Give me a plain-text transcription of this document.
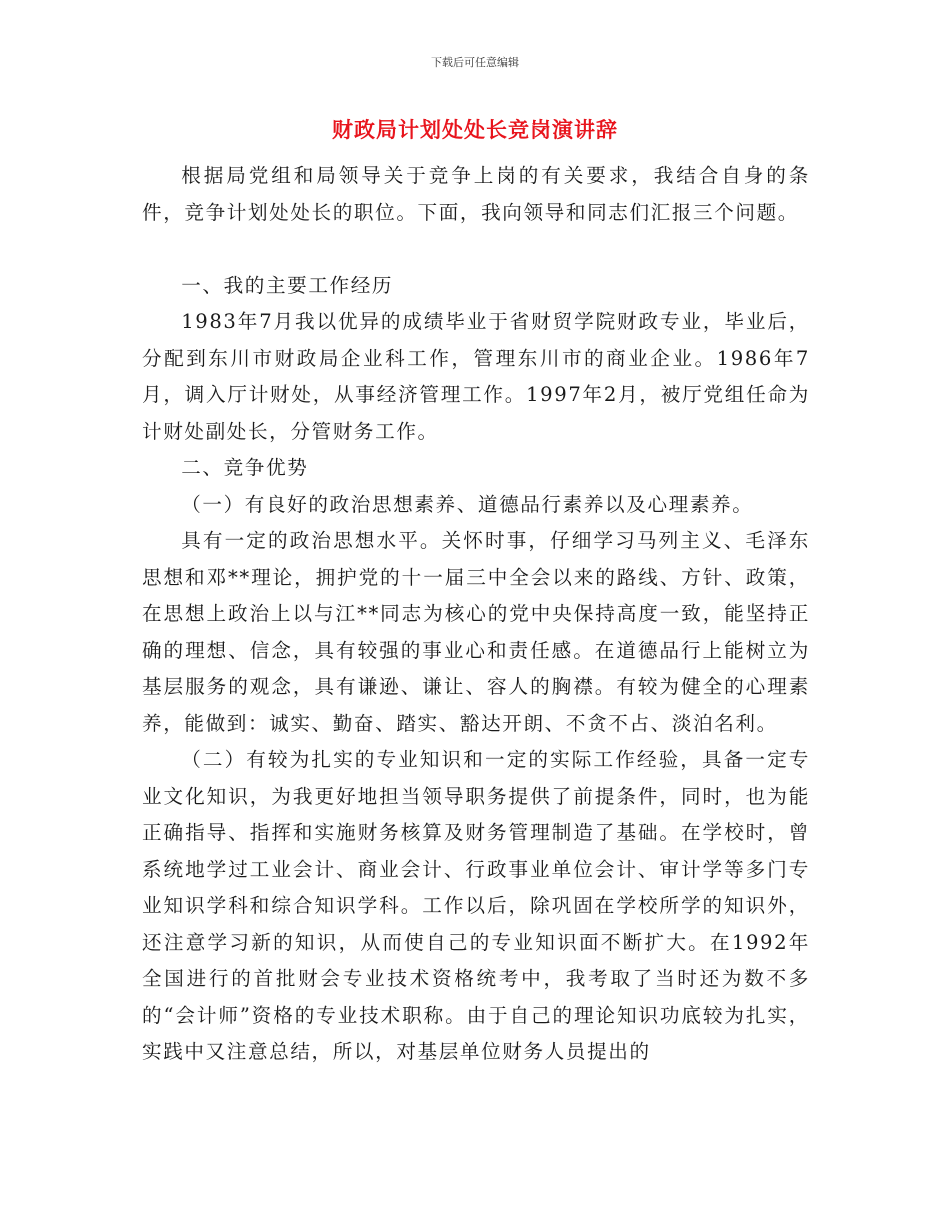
下载后可任意编辑
财政局计划处处长竞岗演讲辞

根据局党组和局领导关于竞争上岗的有关要求，我结合自身的条件，竞争计划处处长的职位。下面，我向领导和同志们汇报三个问题。

一、我的主要工作经历

1983年7月我以优异的成绩毕业于省财贸学院财政专业，毕业后，分配到东川市财政局企业科工作，管理东川市的商业企业。1986年7月，调入厅计财处，从事经济管理工作。1997年2月，被厅党组任命为计财处副处长，分管财务工作。

二、竞争优势

（一）有良好的政治思想素养、道德品行素养以及心理素养。

具有一定的政治思想水平。关怀时事，仔细学习马列主义、毛泽东思想和邓**理论，拥护党的十一届三中全会以来的路线、方针、政策，在思想上政治上以与江**同志为核心的党中央保持高度一致，能坚持正确的理想、信念，具有较强的事业心和责任感。在道德品行上能树立为基层服务的观念，具有谦逊、谦让、容人的胸襟。有较为健全的心理素养，能做到：诚实、勤奋、踏实、豁达开朗、不贪不占、淡泊名利。

（二）有较为扎实的专业知识和一定的实际工作经验，具备一定专业文化知识，为我更好地担当领导职务提供了前提条件，同时，也为能正确指导、指挥和实施财务核算及财务管理制造了基础。在学校时，曾系统地学过工业会计、商业会计、行政事业单位会计、审计学等多门专业知识学科和综合知识学科。工作以后，除巩固在学校所学的知识外，还注意学习新的知识，从而使自己的专业知识面不断扩大。在1992年全国进行的首批财会专业技术资格统考中，我考取了当时还为数不多的“会计师”资格的专业技术职称。由于自己的理论知识功底较为扎实，实践中又注意总结，所以，对基层单位财务人员提出的
